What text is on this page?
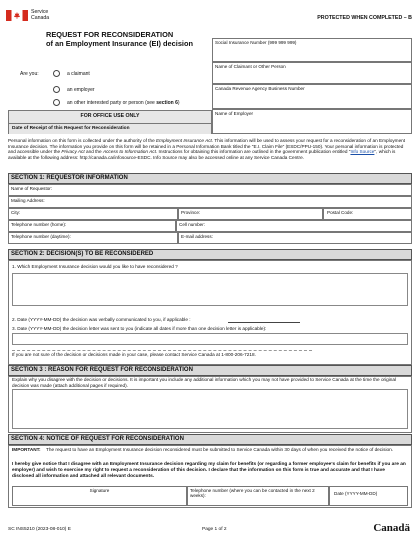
Service
Canada	PROTECTED WHEN COMPLETED – B
REQUEST FOR RECONSIDERATION
of an Employment Insurance (EI) decision	Social Insurance Number (999 999 999)
Name of Claimant or Other Person
Canada Revenue Agency Business Number
Name of Employer
Are you:	a claimant
an employer
an other interested party or person (see section 6)
FOR OFFICE USE ONLY
Date of Receipt of this Request for Reconsideration
Personal information on this form is collected under the authority of the Employment Insurance Act. This information will be used to assess your request for a reconsideration of an Employment Insurance decision. The information you provide on this form will be retained in a Personal Information Bank titled the "E.I. Claim File" (ESDC/PPU-150). Your personal information is protected and accessible under the Privacy Act and the Access to Information Act. Instructions for obtaining this information are outlined in the government publication entitled "Info Source", which is available at the following address: http://canada.ca/infosource-ESDC. Info Source may also be accessed online at any Service Canada Centre.
SECTION 1: REQUESTOR INFORMATION
Name of Requestor:
Mailing Address:
City:	Province:	Postal Code:
Telephone number (home):	Cell number:
Telephone number (daytime):	E-mail address:
SECTION 2: DECISION(S) TO BE RECONSIDERED
1. Which Employment Insurance decision would you like to have reconsidered ?
2. Date (YYYY-MM-DD) the decision was verbally communicated to you, if applicable :
3. Date (YYYY-MM-DD) the decision letter was sent to you (indicate all dates if more than one decision letter is applicable):
If you are not sure of the decision or decisions made in your case, please contact Service Canada at 1-800-206-7218.
SECTION 3 : REASON FOR REQUEST FOR RECONSIDERATION
Explain why you disagree with the decision or decisions. It is important you include any additional information which you may not have provided to Service Canada at the time the original decision was made (attach additional pages if required).
SECTION 4: NOTICE OF REQUEST FOR RECONSIDERATION
IMPORTANT: The request to have an Employment Insurance decision reconsidered must be submitted to Service Canada within 30 days of when you received the notice of decision.
I hereby give notice that I disagree with an Employment Insurance decision regarding my claim for benefits (or regarding a former employee's claim for benefits if you are an employer) and wish to exercise my right to request a reconsideration of this decision. I declare that the information on this form is true and accurate and that I have disclosed all information and attached all relevant documents.
Signature	Telephone number (where you can be contacted in the next 2 weeks):	Date (YYYY-MM-DD)
SC INS5210 (2023-08-010) E	Page 1 of 2	Canadä
